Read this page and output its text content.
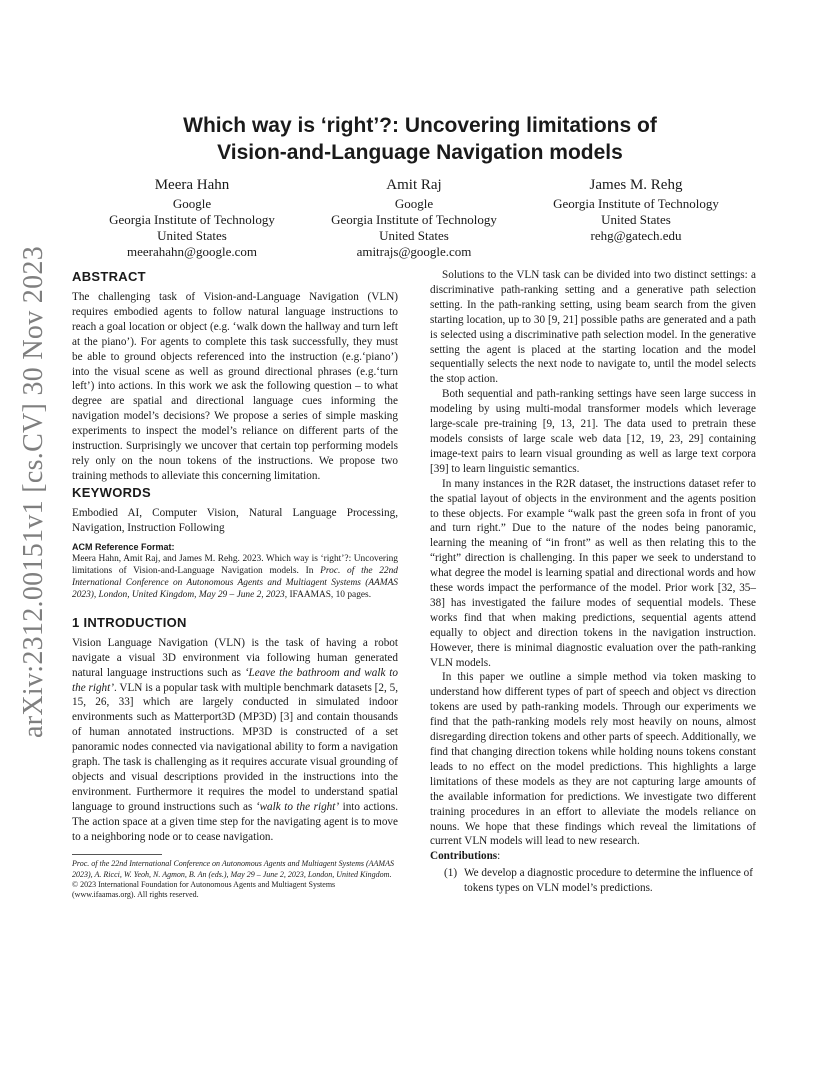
arXiv:2312.00151v1 [cs.CV] 30 Nov 2023
Which way is ‘right’?: Uncovering limitations of
Vision-and-Language Navigation models
Meera Hahn
Google
Georgia Institute of Technology
United States
meerahahn@google.com
Amit Raj
Google
Georgia Institute of Technology
United States
amitrajs@google.com
James M. Rehg
Georgia Institute of Technology
United States
rehg@gatech.edu
ABSTRACT

The challenging task of Vision-and-Language Navigation (VLN) requires embodied agents to follow natural language instructions to reach a goal location or object (e.g. ‘walk down the hallway and turn left at the piano’). For agents to complete this task successfully, they must be able to ground objects referenced into the instruction (e.g.‘piano’) into the visual scene as well as ground directional phrases (e.g.‘turn left’) into actions. In this work we ask the following question – to what degree are spatial and directional language cues informing the navigation model’s decisions? We propose a series of simple masking experiments to inspect the model’s reliance on different parts of the instruction. Surprisingly we uncover that certain top performing models rely only on the noun tokens of the instructions. We propose two training methods to alleviate this concerning limitation.

KEYWORDS

Embodied AI, Computer Vision, Natural Language Processing, Navigation, Instruction Following

ACM Reference Format:

Meera Hahn, Amit Raj, and James M. Rehg. 2023. Which way is ‘right’?: Uncovering limitations of Vision-and-Language Navigation models. In Proc. of the 22nd International Conference on Autonomous Agents and Multiagent Systems (AAMAS 2023), London, United Kingdom, May 29 – June 2, 2023, IFAAMAS, 10 pages.

1 INTRODUCTION

Vision Language Navigation (VLN) is the task of having a robot navigate a visual 3D environment via following human generated natural language instructions such as ‘Leave the bathroom and walk to the right’. VLN is a popular task with multiple benchmark datasets [2, 5, 15, 26, 33] which are largely conducted in simulated indoor environments such as Matterport3D (MP3D) [3] and contain thousands of human annotated instructions. MP3D is constructed of a set panoramic nodes connected via navigational ability to form a navigation graph. The task is challenging as it requires accurate visual grounding of objects and visual descriptions provided in the instructions into the environment. Furthermore it requires the model to understand spatial language to ground instructions such as ‘walk to the right’ into actions. The action space at a given time step for the navigating agent is to move to a neighboring node or to cease navigation.

Proc. of the 22nd International Conference on Autonomous Agents and Multiagent Systems (AAMAS 2023), A. Ricci, W. Yeoh, N. Agmon, B. An (eds.), May 29 – June 2, 2023, London, United Kingdom. © 2023 International Foundation for Autonomous Agents and Multiagent Systems (www.ifaamas.org). All rights reserved.

Solutions to the VLN task can be divided into two distinct settings: a discriminative path-ranking setting and a generative path selection setting. In the path-ranking setting, using beam search from the given starting location, up to 30 [9, 21] possible paths are generated and a path is selected using a discriminative path selection model. In the generative setting the agent is placed at the starting location and the model sequentially selects the next node to navigate to, until the model selects the stop action.

Both sequential and path-ranking settings have seen large success in modeling by using multi-modal transformer models which leverage large-scale pre-training [9, 13, 21]. The data used to pretrain these models consists of large scale web data [12, 19, 23, 29] containing image-text pairs to learn visual grounding as well as large text corpora [39] to learn linguistic semantics.

In many instances in the R2R dataset, the instructions dataset refer to the spatial layout of objects in the environment and the agents position to these objects. For example “walk past the green sofa in front of you and turn right.” Due to the nature of the nodes being panoramic, learning the meaning of “in front” as well as then relating this to the “right” direction is challenging. In this paper we seek to understand to what degree the model is learning spatial and directional words and how these words impact the performance of the model. Prior work [32, 35–38] has investigated the failure modes of sequential models. These works find that when making predictions, sequential agents attend equally to object and direction tokens in the navigation instruction. However, there is minimal diagnostic evaluation over the path-ranking VLN models.

In this paper we outline a simple method via token masking to understand how different types of part of speech and object vs direction tokens are used by path-ranking models. Through our experiments we find that the path-ranking models rely most heavily on nouns, almost disregarding direction tokens and other parts of speech. Additionally, we find that changing direction tokens while holding nouns tokens constant leads to no effect on the model predictions. This highlights a large limitations of these models as they are not capturing large amounts of the available information for predictions. We investigate two different training procedures in an effort to alleviate the models reliance on nouns. We hope that these findings which reveal the limitations of current VLN models will lead to new research.

Contributions:

(1) We develop a diagnostic procedure to determine the influence of tokens types on VLN model’s predictions.
